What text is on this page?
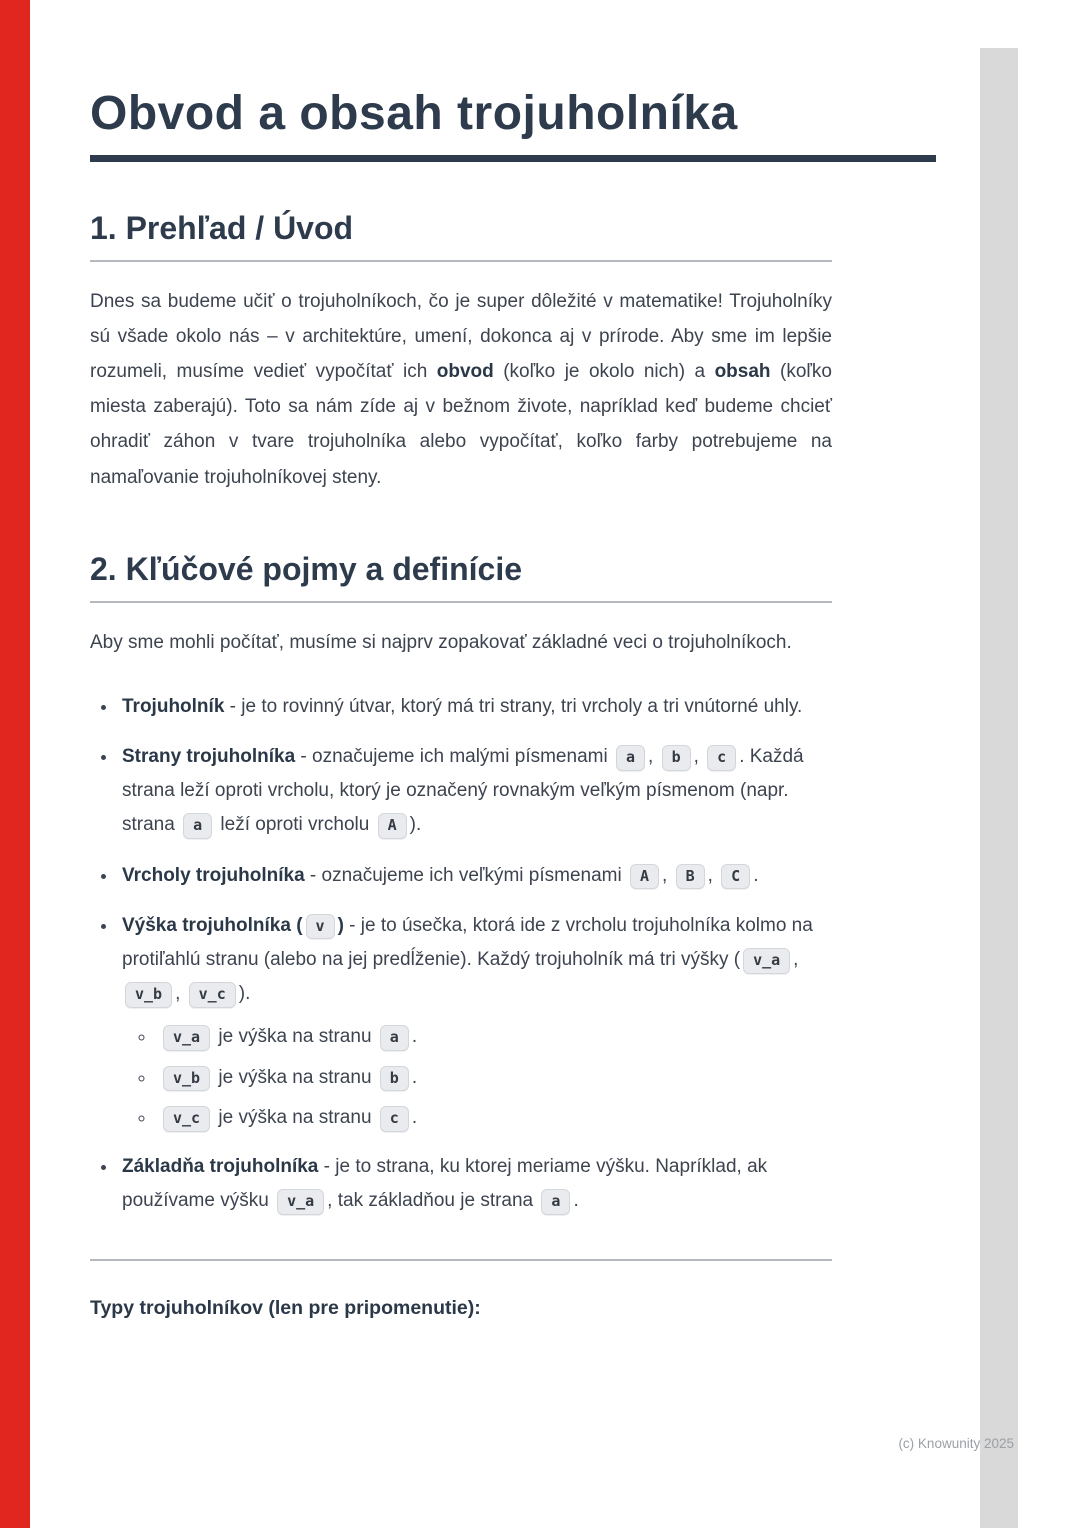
Obvod a obsah trojuholníka
1. Prehľad / Úvod

Dnes sa budeme učiť o trojuholníkoch, čo je super dôležité v matematike! Trojuholníky sú všade okolo nás – v architektúre, umení, dokonca aj v prírode. Aby sme im lepšie rozumeli, musíme vedieť vypočítať ich obvod (koľko je okolo nich) a obsah (koľko miesta zaberajú). Toto sa nám zíde aj v bežnom živote, napríklad keď budeme chcieť ohradiť záhon v tvare trojuholníka alebo vypočítať, koľko farby potrebujeme na namaľovanie trojuholníkovej steny.

2. Kľúčové pojmy a definície

Aby sme mohli počítať, musíme si najprv zopakovať základné veci o trojuholníkoch.

• Trojuholník - je to rovinný útvar, ktorý má tri strany, tri vrcholy a tri vnútorné uhly.
• Strany trojuholníka - označujeme ich malými písmenami a , b , c . Každá strana leží oproti vrcholu, ktorý je označený rovnakým veľkým písmenom (napr. strana a leží oproti vrcholu A ).
• Vrcholy trojuholníka - označujeme ich veľkými písmenami A , B , C .
• Výška trojuholníka ( v ) - je to úsečka, ktorá ide z vrcholu trojuholníka kolmo na protiľahlú stranu (alebo na jej predĺženie). Každý trojuholník má tri výšky ( v_a , v_b , v_c ).
◦ v_a je výška na stranu a .
◦ v_b je výška na stranu b .
◦ v_c je výška na stranu c .
• Základňa trojuholníka - je to strana, ku ktorej meriame výšku. Napríklad, ak používame výšku v_a , tak základňou je strana a .

Typy trojuholníkov (len pre pripomenutie):

(c) Knowunity 2025
